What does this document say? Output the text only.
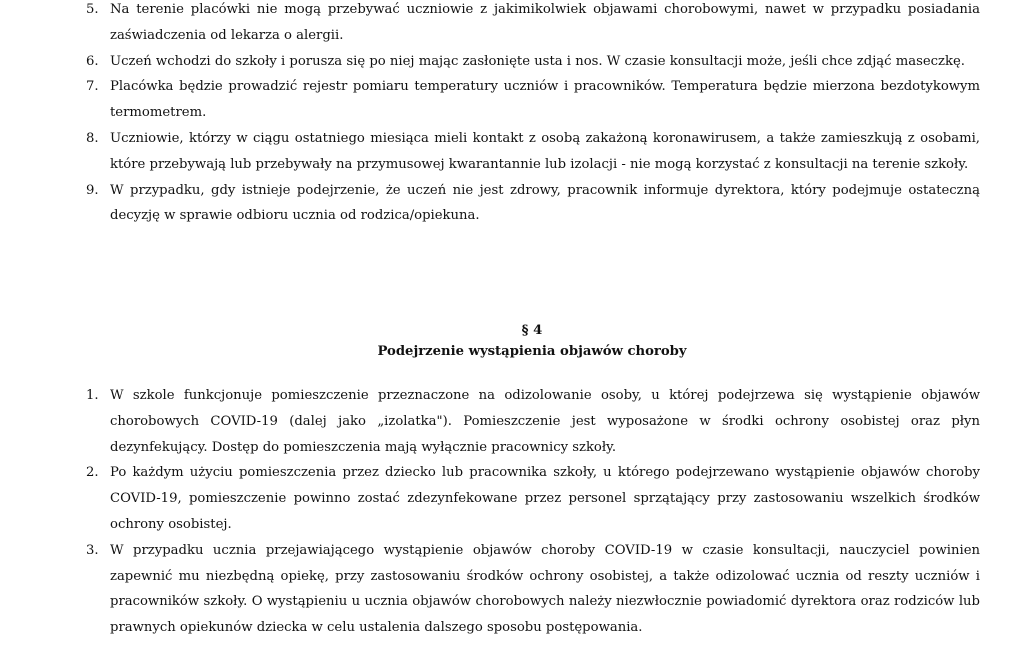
5. Na terenie placówki nie mogą przebywać uczniowie z jakimikolwiek objawami chorobowymi, nawet w przypadku posiadania zaświadczenia od lekarza o alergii.
6. Uczeń wchodzi do szkoły i porusza się po niej mając zasłonięte usta i nos. W czasie konsultacji może, jeśli chce zdjąć maseczkę.
7. Placówka będzie prowadzić rejestr pomiaru temperatury uczniów i pracowników. Temperatura będzie mierzona bezdotykowym termometrem.
8. Uczniowie, którzy w ciągu ostatniego miesiąca mieli kontakt z osobą zakażoną koronawirusem, a także zamieszkują z osobami, które przebywają lub przebywały na przymusowej kwarantannie lub izolacji - nie mogą korzystać z konsultacji na terenie szkoły.
9. W przypadku, gdy istnieje podejrzenie, że uczeń nie jest zdrowy, pracownik informuje dyrektora, który podejmuje ostateczną decyzję w sprawie odbioru ucznia od rodzica/opiekuna.
§ 4
Podejrzenie wystąpienia objawów choroby
1. W szkole funkcjonuje pomieszczenie przeznaczone na odizolowanie osoby, u której podejrzewa się wystąpienie objawów chorobowych COVID-19 (dalej jako „izolatka"). Pomieszczenie jest wyposażone w środki ochrony osobistej oraz płyn dezynfekujący. Dostęp do pomieszczenia mają wyłącznie pracownicy szkoły.
2. Po każdym użyciu pomieszczenia przez dziecko lub pracownika szkoły, u którego podejrzewano wystąpienie objawów choroby COVID-19, pomieszczenie powinno zostać zdezynfekowane przez personel sprzątający przy zastosowaniu wszelkich środków ochrony osobistej.
3. W przypadku ucznia przejawiającego wystąpienie objawów choroby COVID-19 w czasie konsultacji, nauczyciel powinien zapewnić mu niezbędną opiekę, przy zastosowaniu środków ochrony osobistej, a także odizolować ucznia od reszty uczniów i pracowników szkoły. O wystąpieniu u ucznia objawów chorobowych należy niezwłocznie powiadomić dyrektora oraz rodziców lub prawnych opiekunów dziecka w celu ustalenia dalszego sposobu postępowania.
